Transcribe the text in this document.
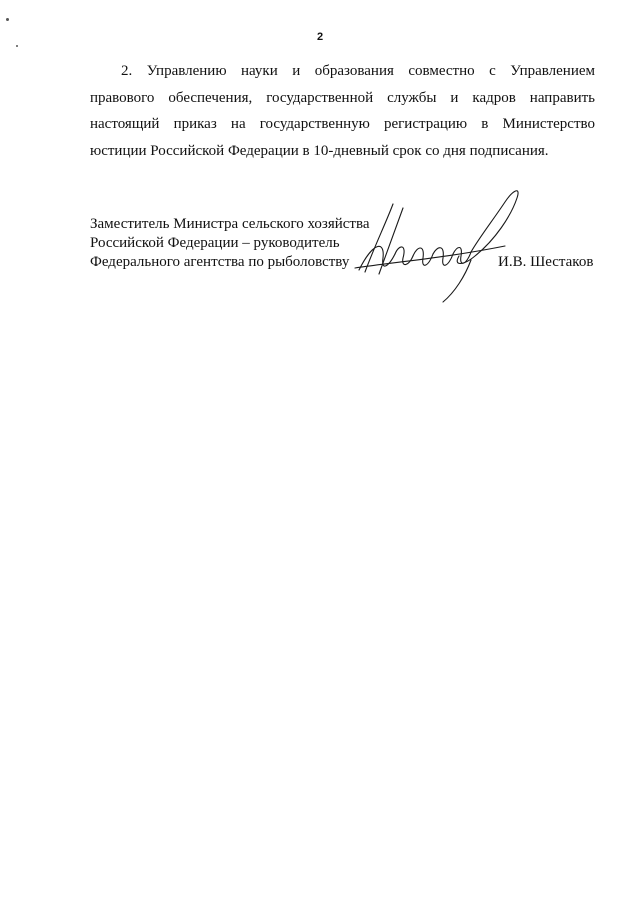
2
2. Управлению науки и образования совместно с Управлением
правового обеспечения, государственной службы и кадров направить
настоящий приказ на государственную регистрацию в Министерство
юстиции Российской Федерации в 10-дневный срок со дня подписания.
Заместитель Министра сельского хозяйства
Российской Федерации – руководитель
Федерального агентства по рыболовству	И.В. Шестаков
